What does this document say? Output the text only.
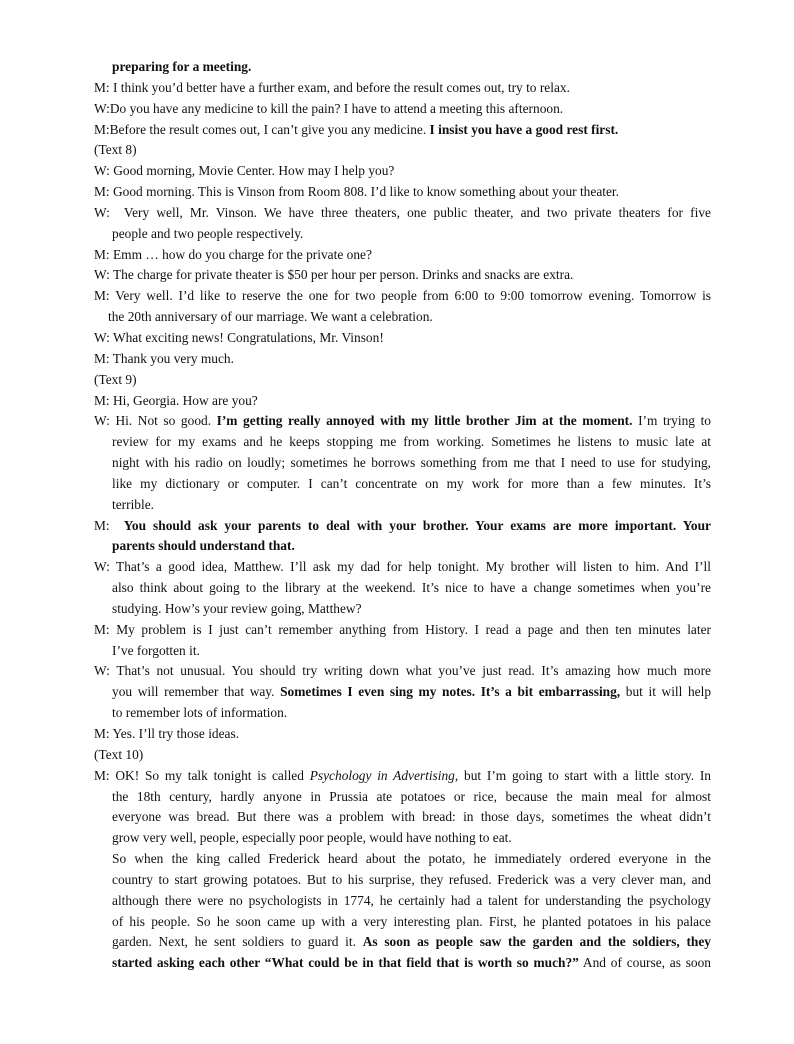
preparing for a meeting.
M: I think you’d better have a further exam, and before the result comes out, try to relax.
W:Do you have any medicine to kill the pain? I have to attend a meeting this afternoon.
M:Before the result comes out, I can’t give you any medicine. I insist you have a good rest first.
(Text 8)
W: Good morning, Movie Center. How may I help you?
M: Good morning. This is Vinson from Room 808. I’d like to know something about your theater.
W:  Very well, Mr. Vinson. We have three theaters, one public theater, and two private theaters for five
people and two people respectively.
M: Emm … how do you charge for the private one?
W: The charge for private theater is $50 per hour per person. Drinks and snacks are extra.
M: Very well. I’d like to reserve the one for two people from 6:00 to 9:00 tomorrow evening. Tomorrow is
the 20th anniversary of our marriage. We want a celebration.
W: What exciting news! Congratulations, Mr. Vinson!
M: Thank you very much.
(Text 9)
M: Hi, Georgia. How are you?
W: Hi. Not so good. I’m getting really annoyed with my little brother Jim at the moment. I’m trying to
review for my exams and he keeps stopping me from working. Sometimes he listens to music late at
night with his radio on loudly; sometimes he borrows something from me that I need to use for studying,
like my dictionary or computer. I can’t concentrate on my work for more than a few minutes. It’s
terrible.
M:  You should ask your parents to deal with your brother. Your exams are more important. Your
parents should understand that.
W: That’s a good idea, Matthew. I’ll ask my dad for help tonight. My brother will listen to him. And I’ll
also think about going to the library at the weekend. It’s nice to have a change sometimes when you’re
studying. How’s your review going, Matthew?
M: My problem is I just can’t remember anything from History. I read a page and then ten minutes later
I’ve forgotten it.
W: That’s not unusual. You should try writing down what you’ve just read. It’s amazing how much more
you will remember that way. Sometimes I even sing my notes. It’s a bit embarrassing, but it will help
to remember lots of information.
M: Yes. I’ll try those ideas.
(Text 10)
M: OK! So my talk tonight is called Psychology in Advertising, but I’m going to start with a little story. In
the 18th century, hardly anyone in Prussia ate potatoes or rice, because the main meal for almost
everyone was bread. But there was a problem with bread: in those days, sometimes the wheat didn’t
grow very well, people, especially poor people, would have nothing to eat.
So when the king called Frederick heard about the potato, he immediately ordered everyone in the
country to start growing potatoes. But to his surprise, they refused. Frederick was a very clever man, and
although there were no psychologists in 1774, he certainly had a talent for understanding the psychology
of his people. So he soon came up with a very interesting plan. First, he planted potatoes in his palace
garden. Next, he sent soldiers to guard it. As soon as people saw the garden and the soldiers, they
started asking each other “What could be in that field that is worth so much?” And of course, as soon
